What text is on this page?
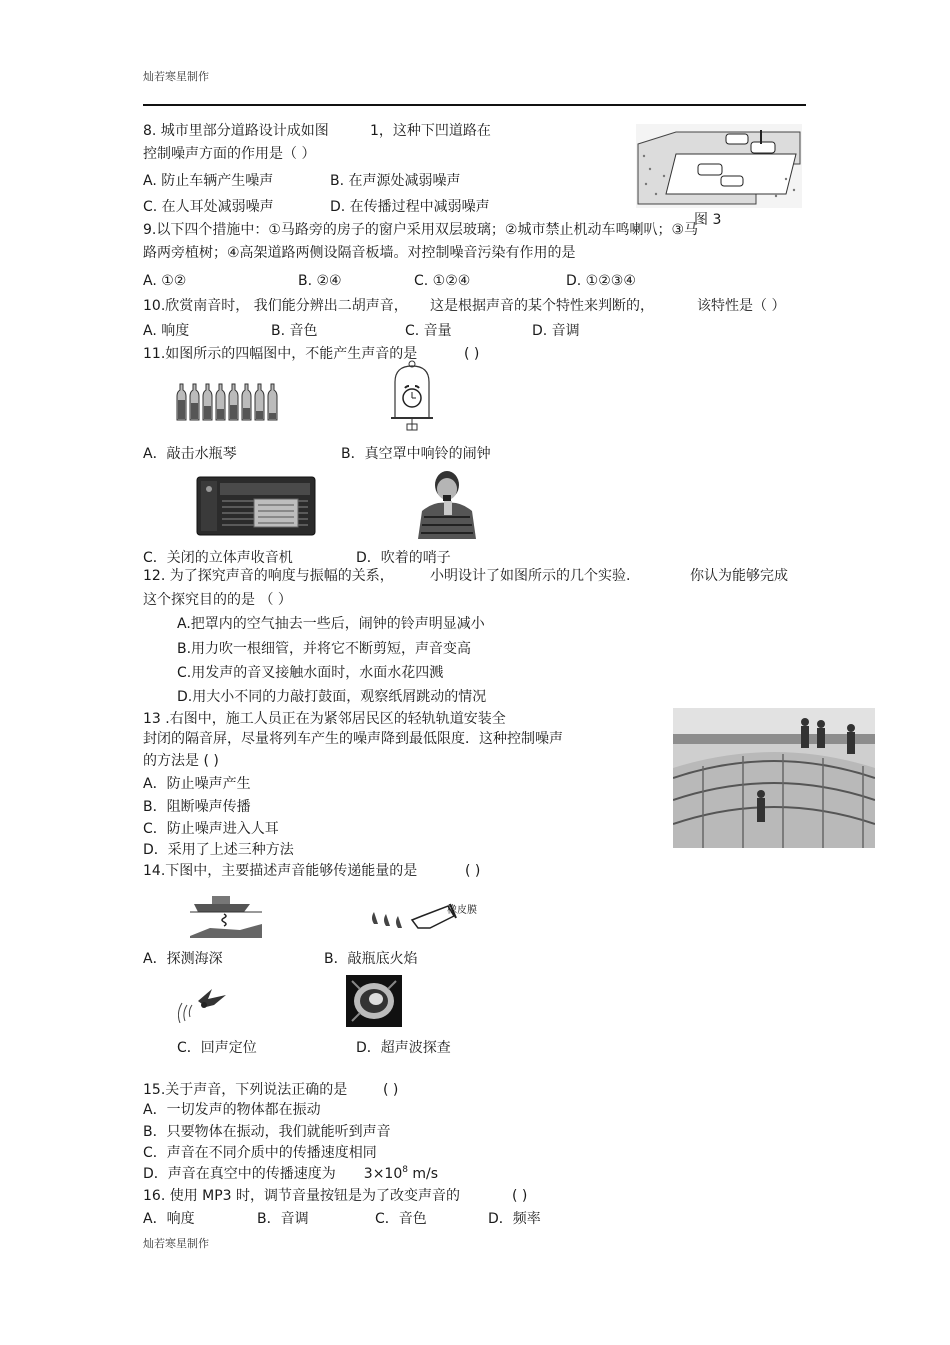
灿若寒星制作
8. 城市里部分道路设计成如图	1，这种下凹道路在
控制噪声方面的作用是（ ）
A. 防止车辆产生噪声	B. 在声源处减弱噪声
C. 在人耳处减弱噪声	D. 在传播过程中减弱噪声
图 3
9.以下四个措施中：①马路旁的房子的窗户采用双层玻璃；②城市禁止机动车鸣喇叭；③马
路两旁植树；④高架道路两侧设隔音板墙。对控制噪音污染有作用的是
A. ①②	B. ②④	C. ①②④	D. ①②③④
10.欣赏南音时， 我们能分辨出二胡声音， 这是根据声音的某个特性来判断的，	该特性是（ ）
A. 响度	B. 音色	C. 音量	D. 音调
11.如图所示的四幅图中，不能产生声音的是	( )
A．敲击水瓶琴	B．真空罩中响铃的闹钟
C．关闭的立体声收音机	D．吹着的哨子
12. 为了探究声音的响度与振幅的关系，	小明设计了如图所示的几个实验.	你认为能够完成
这个探究目的的是 （ ）
A.把罩内的空气抽去一些后，闹钟的铃声明显减小
B.用力吹一根细管，并将它不断剪短，声音变高
C.用发声的音叉接触水面时，水面水花四溅
D.用大小不同的力敲打鼓面，观察纸屑跳动的情况
13 .右图中，施工人员正在为紧邻居民区的轻轨轨道安装全
封闭的隔音屏，尽量将列车产生的噪声降到最低限度．这种控制噪声
的方法是 ( )
A．防止噪声产生
B．阻断噪声传播
C．防止噪声进入人耳
D．采用了上述三种方法
14.下图中，主要描述声音能够传递能量的是	( )
橡皮膜
A．探测海深	B．敲瓶底火焰
C．回声定位	D．超声波探查
15.关于声音，下列说法正确的是	( )
A．一切发声的物体都在振动
B．只要物体在振动，我们就能听到声音
C．声音在不同介质中的传播速度相同
D．声音在真空中的传播速度为 $3\times 10^8$ m/s
16. 使用 MP3 时，调节音量按钮是为了改变声音的	( )
A．响度	B．音调	C．音色	D．频率
灿若寒星制作
